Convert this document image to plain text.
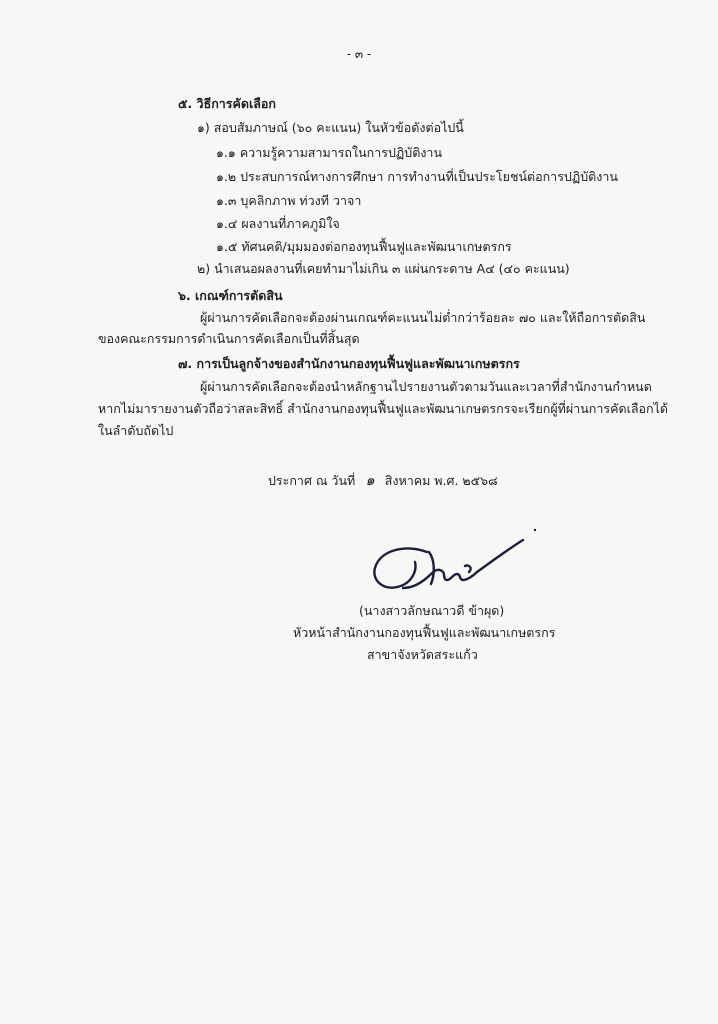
- ๓ -
๕. วิธีการคัดเลือก
๑) สอบสัมภาษณ์ (๖๐ คะแนน) ในหัวข้อดังต่อไปนี้
๑.๑ ความรู้ความสามารถในการปฏิบัติงาน
๑.๒ ประสบการณ์ทางการศึกษา การทำงานที่เป็นประโยชน์ต่อการปฏิบัติงาน
๑.๓ บุคลิกภาพ ท่วงที วาจา
๑.๔ ผลงานที่ภาคภูมิใจ
๑.๕ ทัศนคติ/มุมมองต่อกองทุนฟื้นฟูและพัฒนาเกษตรกร
๒) นำเสนอผลงานที่เคยทำมาไม่เกิน ๓ แผ่นกระดาษ A๔ (๔๐ คะแนน)
๖. เกณฑ์การตัดสิน
ผู้ผ่านการคัดเลือกจะต้องผ่านเกณฑ์คะแนนไม่ต่ำกว่าร้อยละ ๗๐ และให้ถือการตัดสิน
ของคณะกรรมการดำเนินการคัดเลือกเป็นที่สิ้นสุด
๗. การเป็นลูกจ้างของสำนักงานกองทุนฟื้นฟูและพัฒนาเกษตรกร
ผู้ผ่านการคัดเลือกจะต้องนำหลักฐานไปรายงานตัวตามวันและเวลาที่สำนักงานกำหนด
หากไม่มารายงานตัวถือว่าสละสิทธิ์ สำนักงานกองทุนฟื้นฟูและพัฒนาเกษตรกรจะเรียกผู้ที่ผ่านการคัดเลือกได้
ในลำดับถัดไป
ประกาศ ณ วันที่ ๑ สิงหาคม พ.ศ. ๒๕๖๘
(นางสาวลักษณาวดี ข้าผุด)
หัวหน้าสำนักงานกองทุนฟื้นฟูและพัฒนาเกษตรกร
สาขาจังหวัดสระแก้ว
